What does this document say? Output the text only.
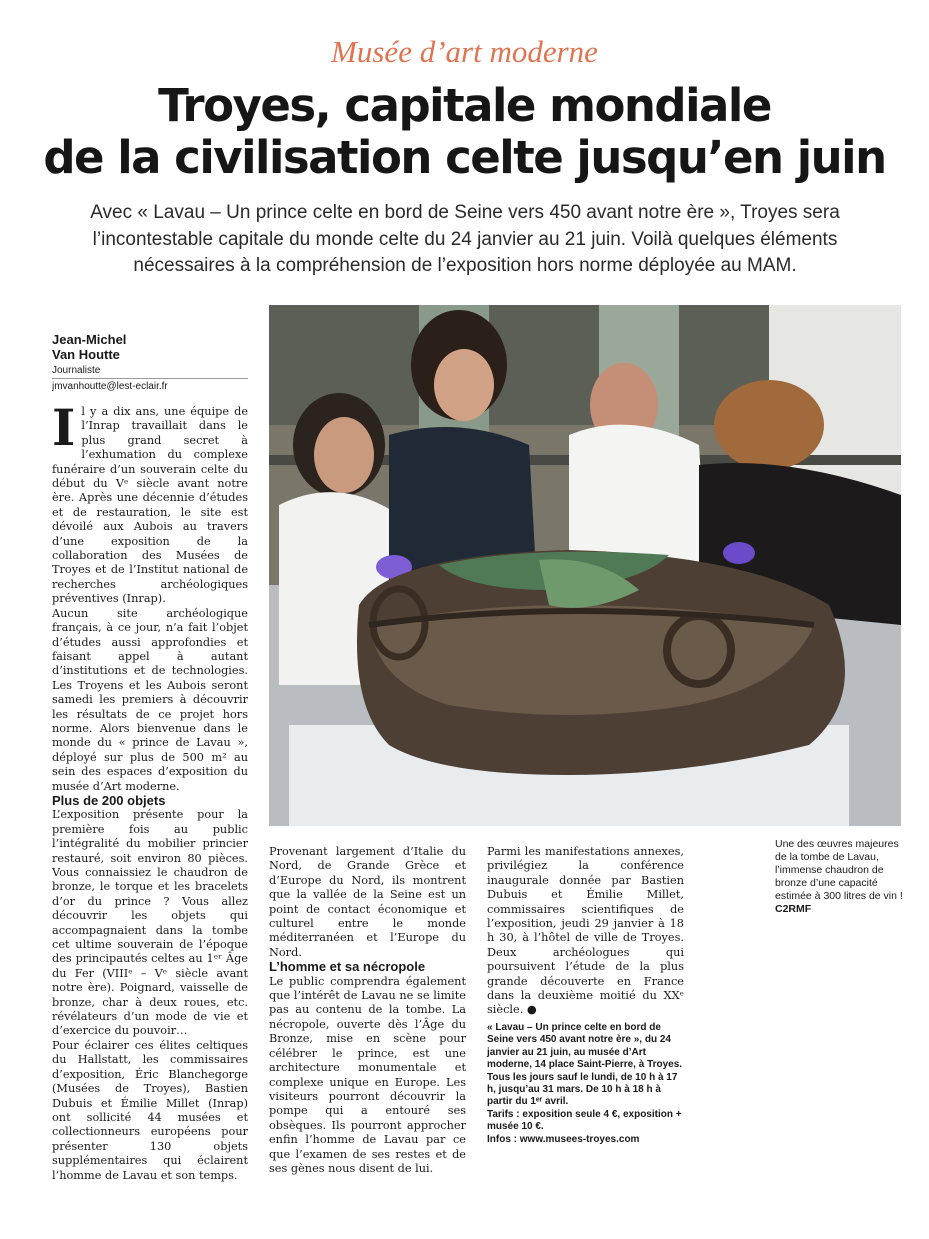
Musée d’art moderne
Troyes, capitale mondiale
de la civilisation celte jusqu’en juin
Avec « Lavau – Un prince celte en bord de Seine vers 450 avant notre ère », Troyes sera l’incontestable capitale du monde celte du 24 janvier au 21 juin. Voilà quelques éléments nécessaires à la compréhension de l’exposition hors norme déployée au MAM.
Jean-Michel
Van Houtte
Journaliste
jmvanhoutte@lest-eclair.fr

Il y a dix ans, une équipe de l’Inrap travaillait dans le plus grand secret à l’exhumation du complexe funéraire d’un souverain celte du début du Vᵉ siècle avant notre ère. Après une décennie d’études et de restauration, le site est dévoilé aux Aubois au travers d’une exposition de la collaboration des Musées de Troyes et de l’Institut national de recherches archéologiques préventives (Inrap).

Aucun site archéologique français, à ce jour, n’a fait l’objet d’études aussi approfondies et faisant appel à autant d’institutions et de technologies. Les Troyens et les Aubois seront samedi les premiers à découvrir les résultats de ce projet hors norme. Alors bienvenue dans le monde du « prince de Lavau », déployé sur plus de 500 m² au sein des espaces d’exposition du musée d’Art moderne.

Plus de 200 objets

L’exposition présente pour la première fois au public l’intégralité du mobilier princier restauré, soit environ 80 pièces. Vous connaissiez le chaudron de bronze, le torque et les bracelets d’or du prince ? Vous allez découvrir les objets qui accompagnaient dans la tombe cet ultime souverain de l’époque des principautés celtes au 1ᵉʳ Âge du Fer (VIIIᵉ – Vᵉ siècle avant notre ère). Poignard, vaisselle de bronze, char à deux roues, etc. révélateurs d’un mode de vie et d’exercice du pouvoir…

Pour éclairer ces élites celtiques du Hallstatt, les commissaires d’exposition, Éric Blanchegorge (Musées de Troyes), Bastien Dubuis et Émilie Millet (Inrap) ont sollicité 44 musées et collectionneurs européens pour présenter 130 objets supplémentaires qui éclairent l’homme de Lavau et son temps.

Provenant largement d’Italie du Nord, de Grande Grèce et d’Europe du Nord, ils montrent que la vallée de la Seine est un point de contact économique et culturel entre le monde méditerranéen et l’Europe du Nord.

L’homme et sa nécropole

Le public comprendra également que l’intérêt de Lavau ne se limite pas au contenu de la tombe. La nécropole, ouverte dès l’Âge du Bronze, mise en scène pour célébrer le prince, est une architecture monumentale et complexe unique en Europe. Les visiteurs pourront découvrir la pompe qui a entouré ses obsèques. Ils pourront approcher enfin l’homme de Lavau par ce que l’examen de ses restes et de ses gènes nous disent de lui.

Parmi les manifestations annexes, privilégiez la conférence inaugurale donnée par Bastien Dubuis et Émilie Millet, commissaires scientifiques de l’exposition, jeudi 29 janvier à 18 h 30, à l’hôtel de ville de Troyes. Deux archéologues qui poursuivent l’étude de la plus grande découverte en France dans la deuxième moitié du XXᵉ siècle. ●

« Lavau – Un prince celte en bord de Seine vers 450 avant notre ère », du 24 janvier au 21 juin, au musée d’Art moderne, 14 place Saint-Pierre, à Troyes. Tous les jours sauf le lundi, de 10 h à 17 h, jusqu’au 31 mars. De 10 h à 18 h à partir du 1ᵉʳ avril.
Tarifs : exposition seule 4 €, exposition + musée 10 €.
Infos : www.musees-troyes.com

Une des œuvres majeures de la tombe de Lavau, l’immense chaudron de bronze d’une capacité estimée à 300 litres de vin !
C2RMF
